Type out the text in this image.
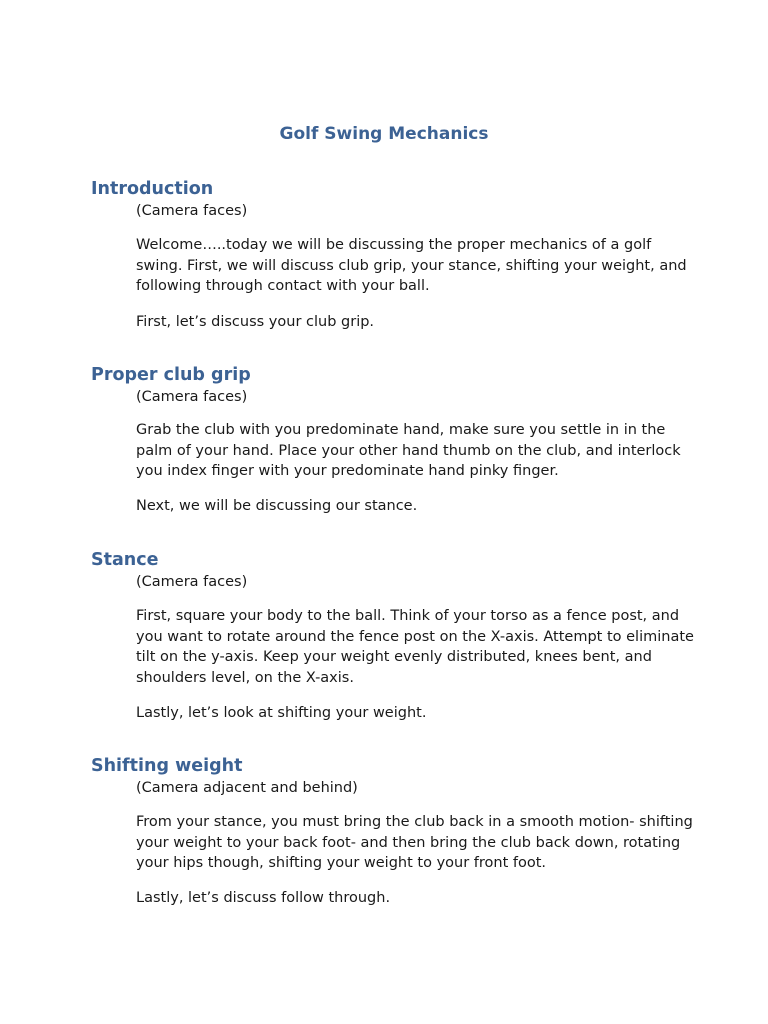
Golf Swing Mechanics
Introduction

(Camera faces)

Welcome…..today we will be discussing the proper mechanics of a golf swing. First, we will discuss club grip, your stance, shifting your weight, and following through contact with your ball.

First, let’s discuss your club grip.

Proper club grip

(Camera faces)

Grab the club with you predominate hand, make sure you settle in in the palm of your hand. Place your other hand thumb on the club, and interlock you index finger with your predominate hand pinky finger.

Next, we will be discussing our stance.

Stance

(Camera faces)

First, square your body to the ball. Think of your torso as a fence post, and you want to rotate around the fence post on the X-axis. Attempt to eliminate tilt on the y-axis. Keep your weight evenly distributed, knees bent, and shoulders level, on the X-axis.

Lastly, let’s look at shifting your weight.

Shifting weight

(Camera adjacent and behind)

From your stance, you must bring the club back in a smooth motion- shifting your weight to your back foot- and then bring the club back down, rotating your hips though, shifting your weight to your front foot.

Lastly, let’s discuss follow through.
